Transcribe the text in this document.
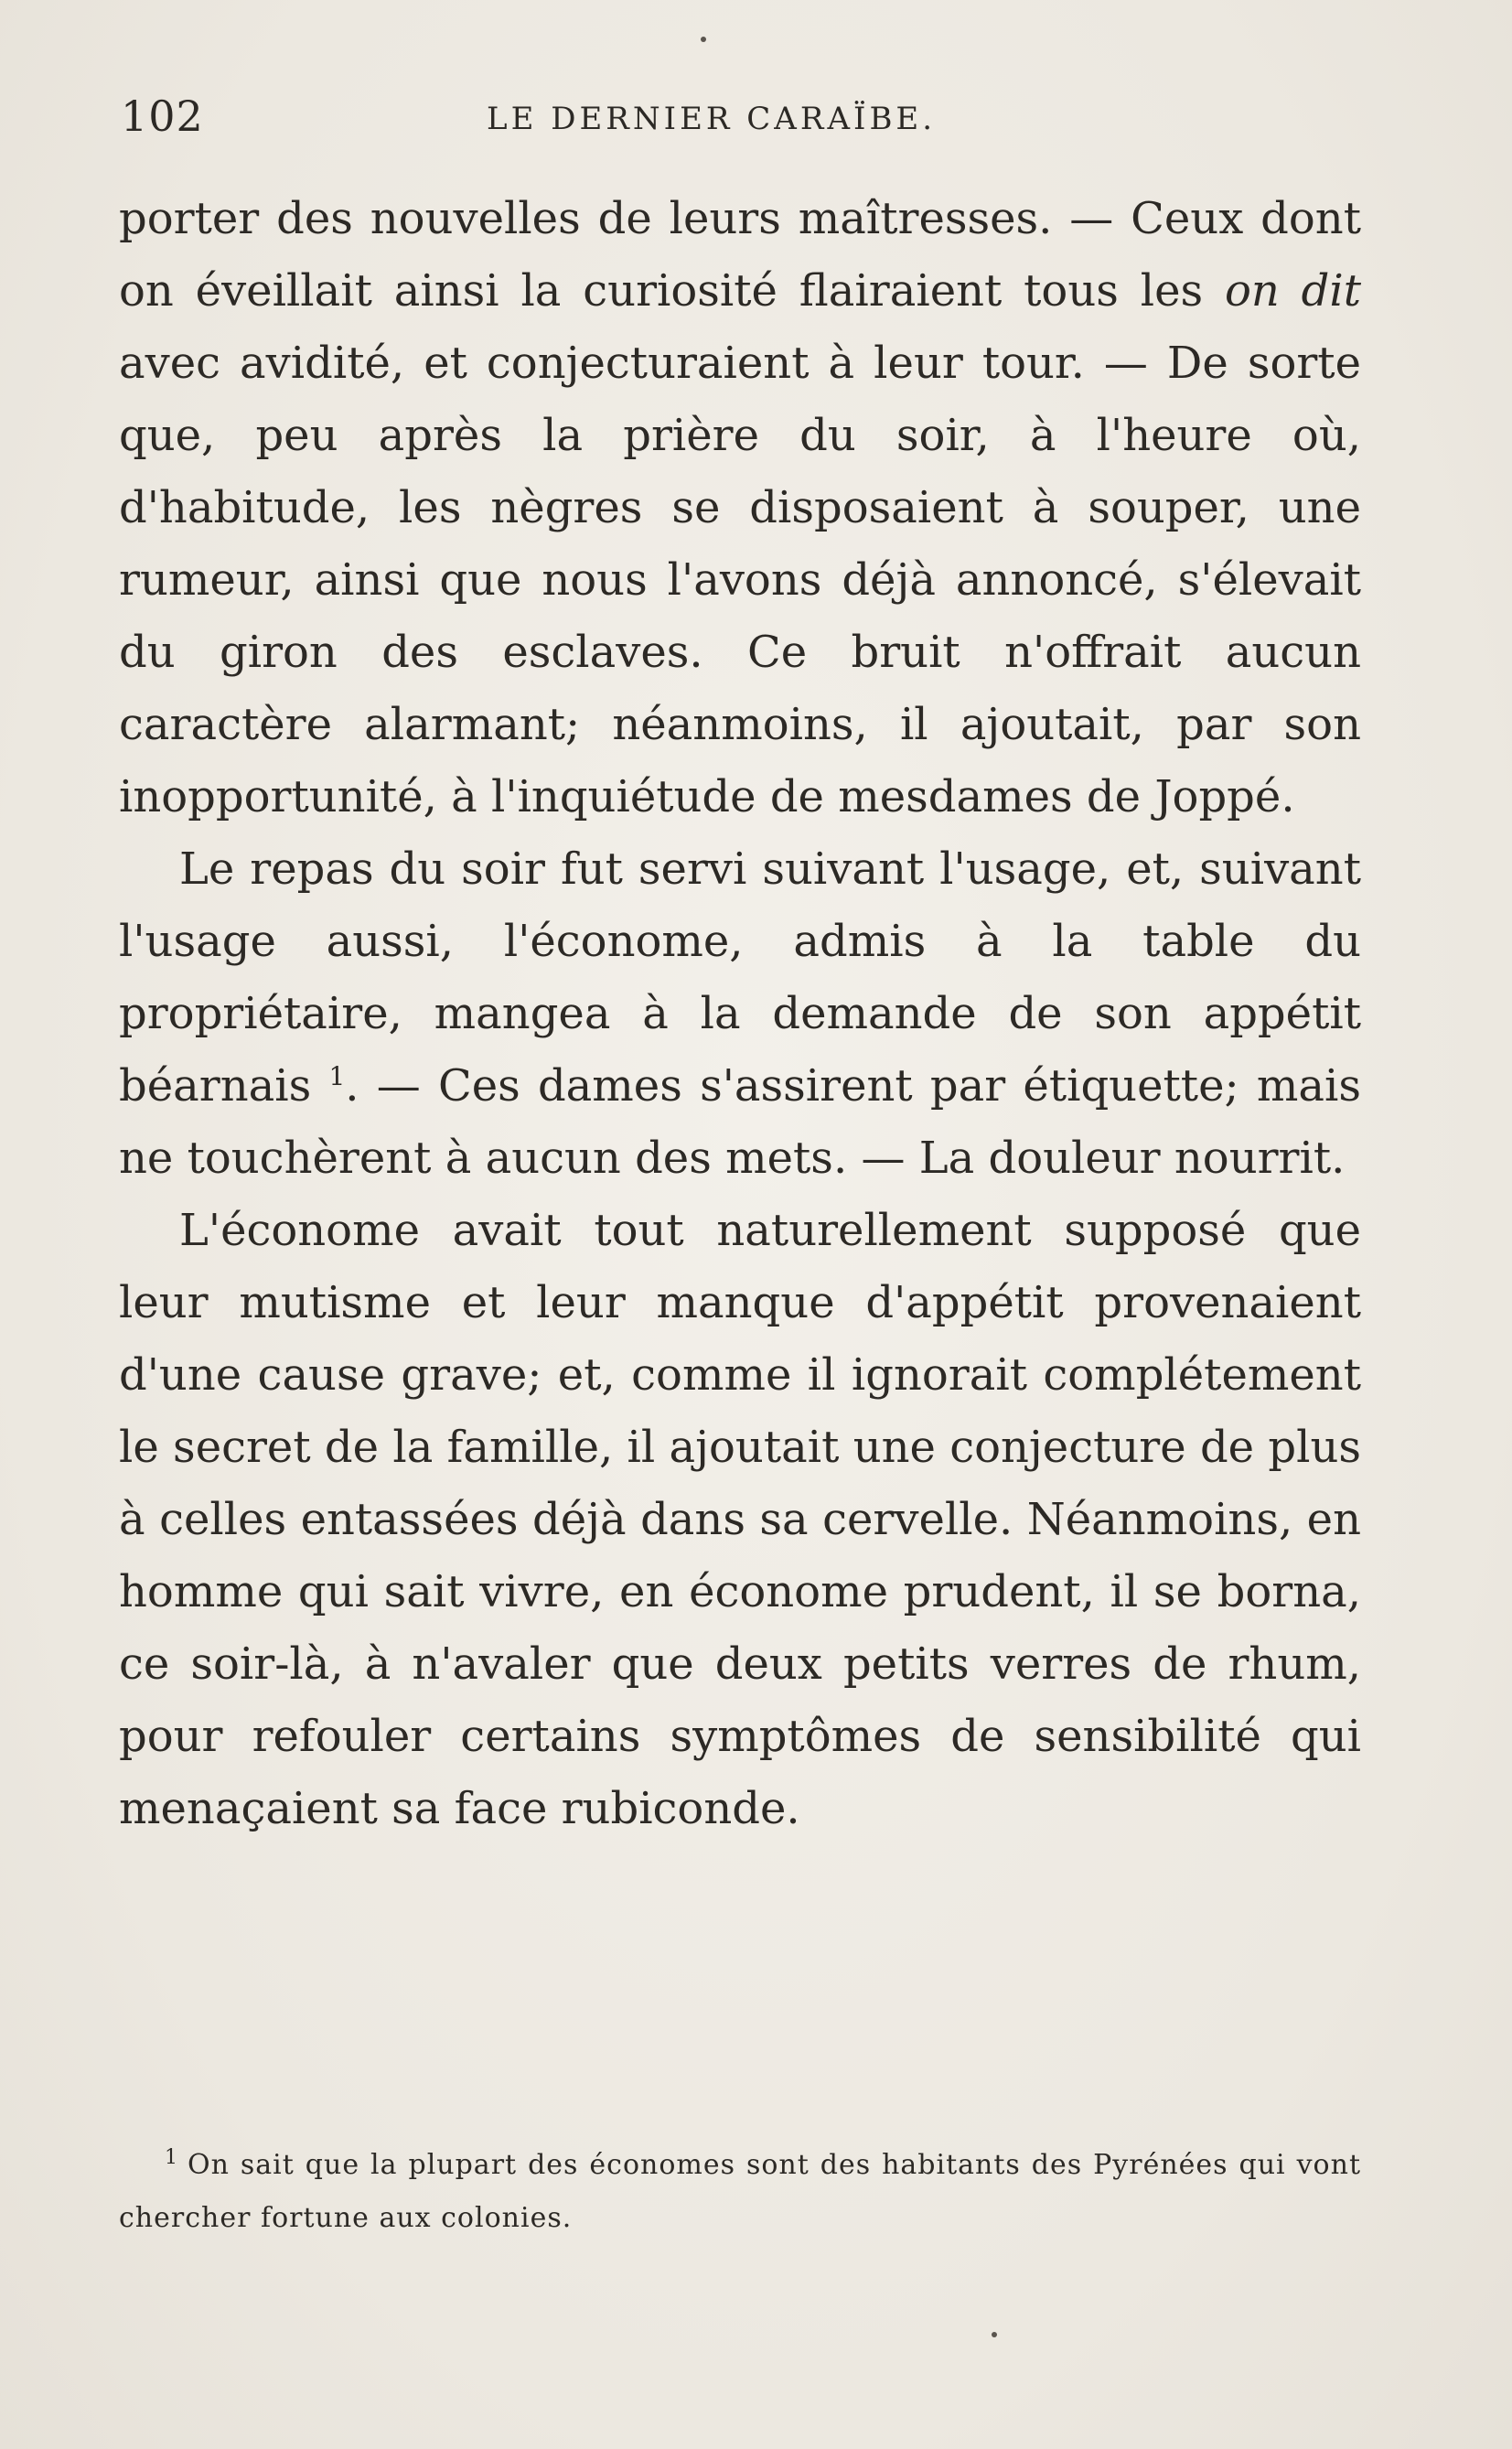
102	LE DERNIER CARAÏBE.

porter des nouvelles de leurs maîtresses. — Ceux dont on éveillait ainsi la curiosité flairaient tous les on dit avec avidité, et conjecturaient à leur tour. — De sorte que, peu après la prière du soir, à l'heure où, d'habitude, les nègres se disposaient à souper, une rumeur, ainsi que nous l'avons déjà annoncé, s'élevait du giron des esclaves. Ce bruit n'offrait aucun caractère alarmant; néanmoins, il ajoutait, par son inopportunité, à l'inquiétude de mesdames de Joppé.

Le repas du soir fut servi suivant l'usage, et, suivant l'usage aussi, l'économe, admis à la table du propriétaire, mangea à la demande de son appétit béarnais $^1$. — Ces dames s'assirent par étiquette; mais ne touchèrent à aucun des mets. — La douleur nourrit.

L'économe avait tout naturellement supposé que leur mutisme et leur manque d'appétit provenaient d'une cause grave; et, comme il ignorait complétement le secret de la famille, il ajoutait une conjecture de plus à celles entassées déjà dans sa cervelle. Néanmoins, en homme qui sait vivre, en économe prudent, il se borna, ce soir-là, à n'avaler que deux petits verres de rhum, pour refouler certains symptômes de sensibilité qui menaçaient sa face rubiconde.

$^1$ On sait que la plupart des économes sont des habitants des Pyrénées qui vont chercher fortune aux colonies.
